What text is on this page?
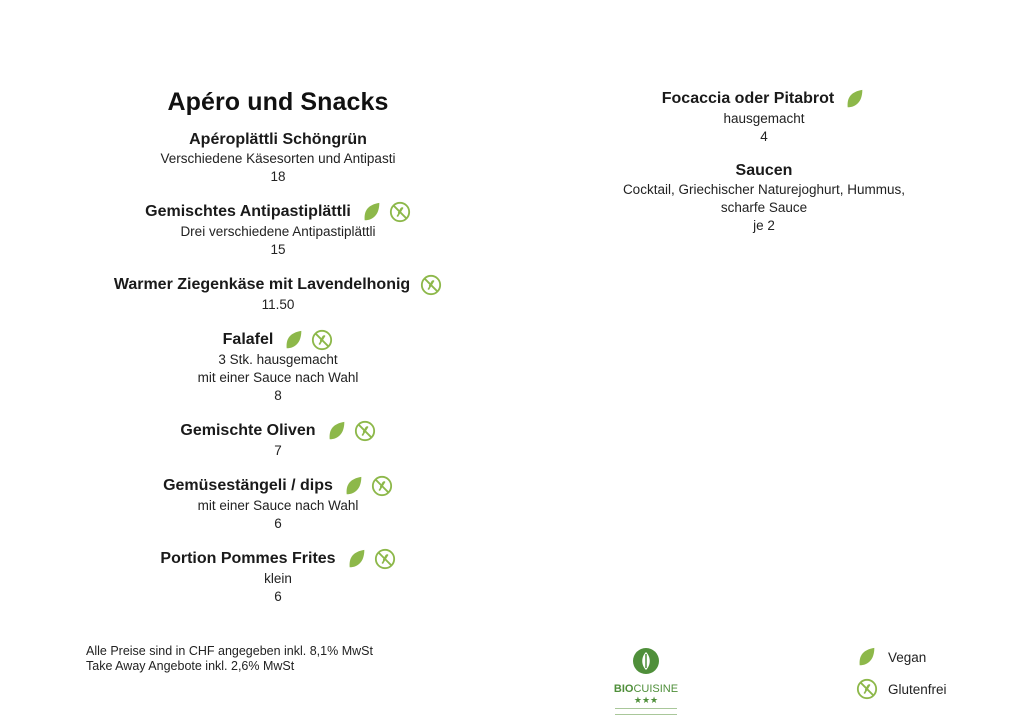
Apéro und Snacks
Apéroplättli Schöngrün
Verschiedene Käsesorten und Antipasti
18
Gemischtes Antipastiplättli
Drei verschiedene Antipastiplättli
15
Warmer Ziegenkäse mit Lavendelhonig
11.50
Falafel
3 Stk. hausgemacht
mit einer Sauce nach Wahl
8
Gemischte Oliven
7
Gemüsestängeli / dips
mit einer Sauce nach Wahl
6
Portion Pommes Frites
klein
6
Focaccia oder Pitabrot
hausgemacht
4
Saucen
Cocktail, Griechischer Naturejoghurt, Hummus,
scharfe Sauce
je 2
Alle Preise sind in CHF angegeben inkl. 8,1% MwSt
Take Away Angebote inkl. 2,6% MwSt
BIOCUISINE
★★★
Vegan
Glutenfrei
